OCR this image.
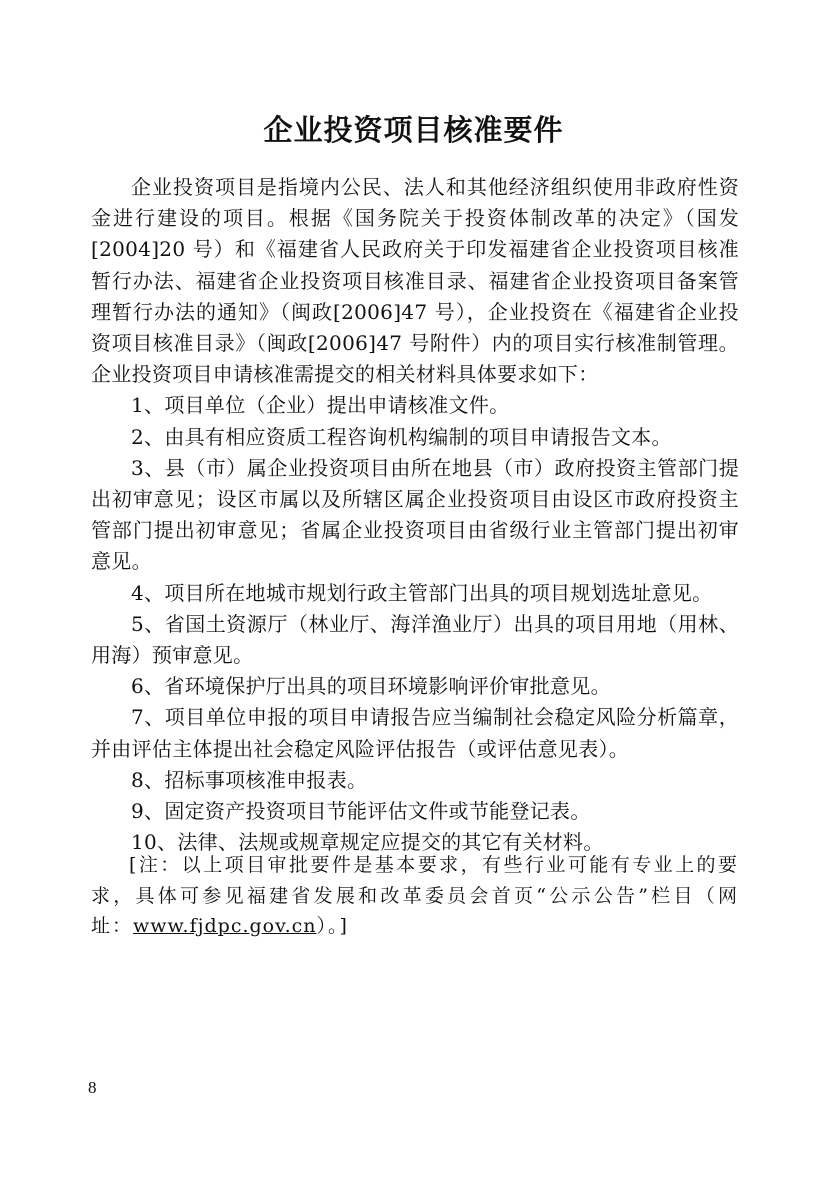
企业投资项目核准要件

企业投资项目是指境内公民、法人和其他经济组织使用非政府性资金进行建设的项目。根据《国务院关于投资体制改革的决定》（国发[2004]20 号）和《福建省人民政府关于印发福建省企业投资项目核准暂行办法、福建省企业投资项目核准目录、福建省企业投资项目备案管理暂行办法的通知》（闽政[2006]47 号），企业投资在《福建省企业投资项目核准目录》（闽政[2006]47 号附件）内的项目实行核准制管理。企业投资项目申请核准需提交的相关材料具体要求如下：

1、项目单位（企业）提出申请核准文件。

2、由具有相应资质工程咨询机构编制的项目申请报告文本。

3、县（市）属企业投资项目由所在地县（市）政府投资主管部门提出初审意见；设区市属以及所辖区属企业投资项目由设区市政府投资主管部门提出初审意见；省属企业投资项目由省级行业主管部门提出初审意见。

4、项目所在地城市规划行政主管部门出具的项目规划选址意见。

5、省国土资源厅（林业厅、海洋渔业厅）出具的项目用地（用林、用海）预审意见。

6、省环境保护厅出具的项目环境影响评价审批意见。

7、项目单位申报的项目申请报告应当编制社会稳定风险分析篇章，并由评估主体提出社会稳定风险评估报告（或评估意见表）。

8、招标事项核准申报表。

9、固定资产投资项目节能评估文件或节能登记表。

10、法律、法规或规章规定应提交的其它有关材料。

[注：以上项目审批要件是基本要求，有些行业可能有专业上的要求，具体可参见福建省发展和改革委员会首页“公示公告”栏目（网址：www.fjdpc.gov.cn）。]

8
